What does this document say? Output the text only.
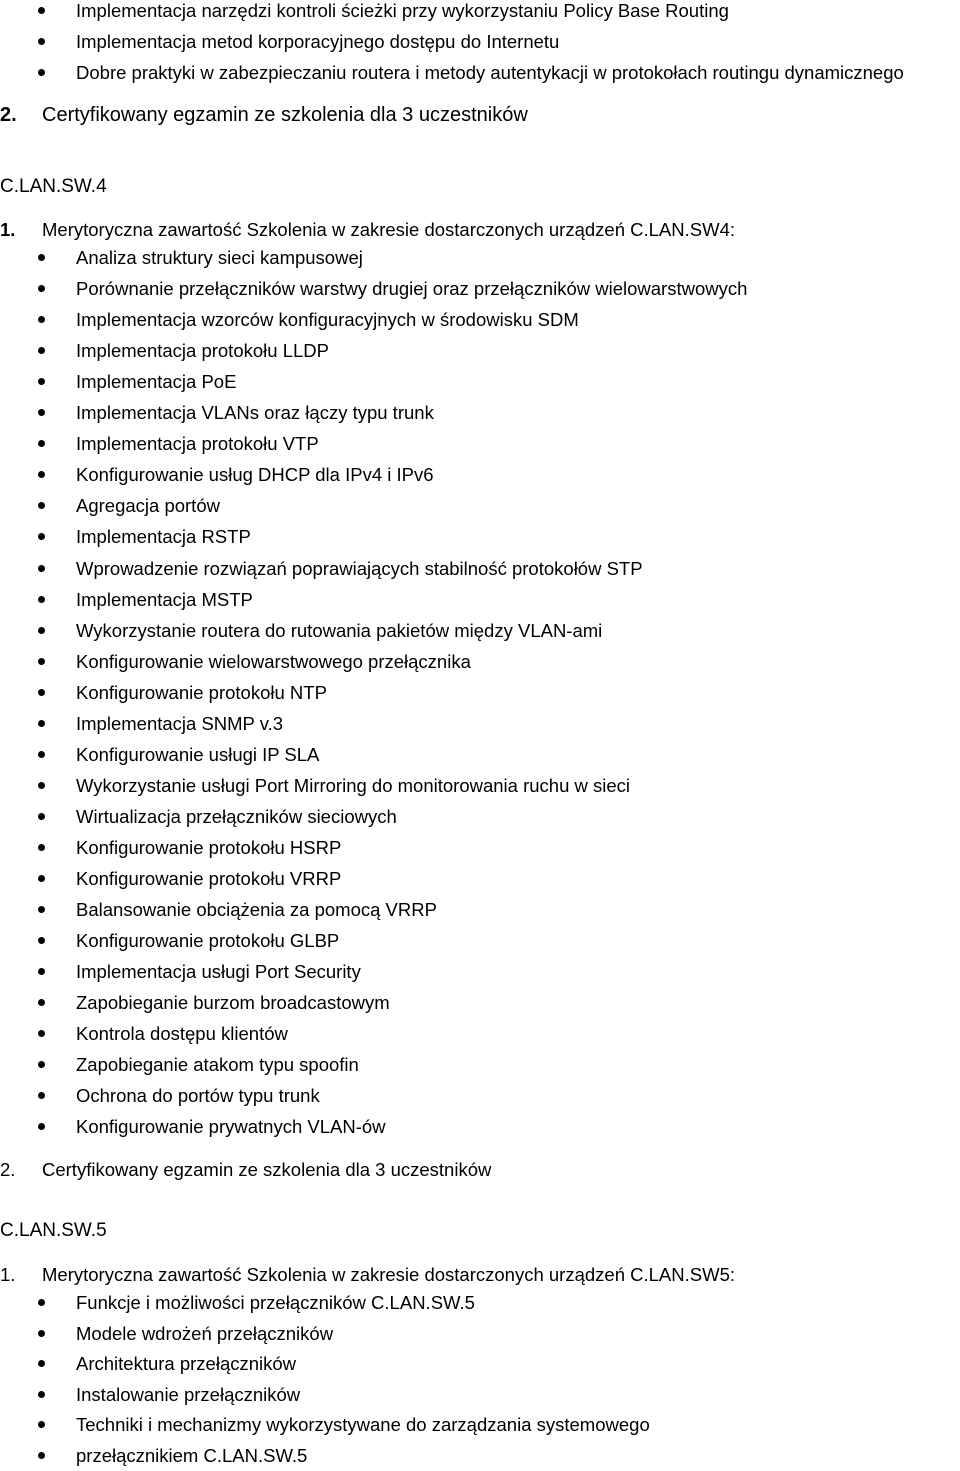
Implementacja narzędzi kontroli ścieżki przy wykorzystaniu Policy Base Routing
Implementacja metod korporacyjnego dostępu do Internetu
Dobre praktyki w zabezpieczaniu routera i metody autentykacji w protokołach routingu dynamicznego
2. Certyfikowany egzamin ze szkolenia dla 3 uczestników
C.LAN.SW.4
1. Merytoryczna zawartość Szkolenia w zakresie dostarczonych urządzeń C.LAN.SW4:
Analiza struktury sieci kampusowej
Porównanie przełączników warstwy drugiej oraz przełączników wielowarstwowych
Implementacja wzorców konfiguracyjnych w środowisku SDM
Implementacja protokołu LLDP
Implementacja PoE
Implementacja VLANs oraz łączy typu trunk
Implementacja protokołu VTP
Konfigurowanie usług DHCP dla IPv4 i IPv6
Agregacja portów
Implementacja RSTP
Wprowadzenie rozwiązań poprawiających stabilność protokołów STP
Implementacja MSTP
Wykorzystanie routera do rutowania pakietów między VLAN-ami
Konfigurowanie wielowarstwowego przełącznika
Konfigurowanie protokołu NTP
Implementacja SNMP v.3
Konfigurowanie usługi IP SLA
Wykorzystanie usługi Port Mirroring do monitorowania ruchu w sieci
Wirtualizacja przełączników sieciowych
Konfigurowanie protokołu HSRP
Konfigurowanie protokołu VRRP
Balansowanie obciążenia za pomocą VRRP
Konfigurowanie protokołu GLBP
Implementacja usługi Port Security
Zapobieganie burzom broadcastowym
Kontrola dostępu klientów
Zapobieganie atakom typu spoofin
Ochrona do portów typu trunk
Konfigurowanie prywatnych VLAN-ów
2. Certyfikowany egzamin ze szkolenia dla 3 uczestników
C.LAN.SW.5
1. Merytoryczna zawartość Szkolenia w zakresie dostarczonych urządzeń C.LAN.SW5:
Funkcje i możliwości przełączników C.LAN.SW.5
Modele wdrożeń przełączników
Architektura przełączników
Instalowanie przełączników
Techniki i mechanizmy wykorzystywane do zarządzania systemowego
przełącznikiem C.LAN.SW.5
